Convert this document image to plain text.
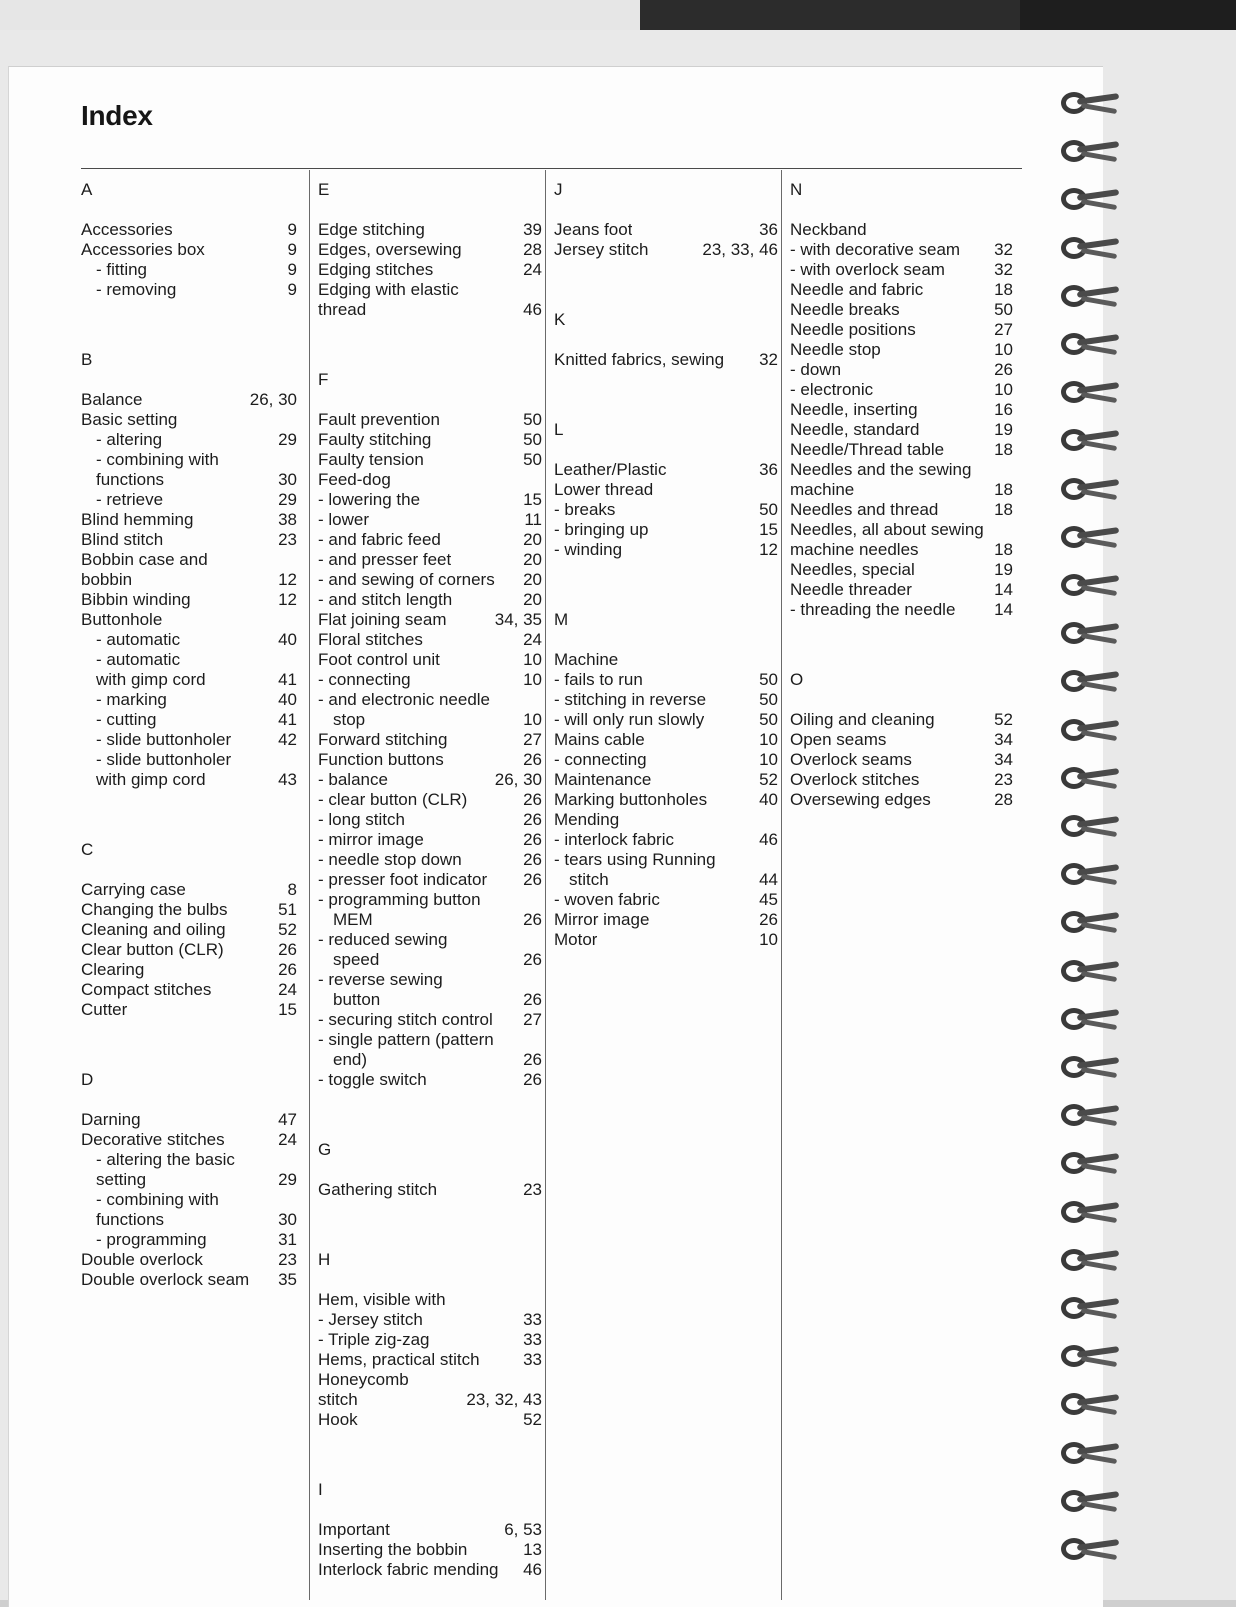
Index
A
Accessories	9
Accessories box	9
- fitting	9
- removing	9
B
Balance	26, 30
Basic setting
- altering	29
- combining with
functions	30
- retrieve	29
Blind hemming	38
Blind stitch	23
Bobbin case and
bobbin	12
Bibbin winding	12
Buttonhole
- automatic	40
- automatic
with gimp cord	41
- marking	40
- cutting	41
- slide buttonholer	42
- slide buttonholer
with gimp cord	43
C
Carrying case	8
Changing the bulbs	51
Cleaning and oiling	52
Clear button (CLR)	26
Clearing	26
Compact stitches	24
Cutter	15
D
Darning	47
Decorative stitches	24
- altering the basic
setting	29
- combining with
functions	30
- programming	31
Double overlock	23
Double overlock seam 35
E
Edge stitching	39
Edges, oversewing	28
Edging stitches	24
Edging with elastic
thread	46
F
Fault prevention	50
Faulty stitching	50
Faulty tension	50
Feed-dog
- lowering the	15
- lower	11
- and fabric feed	20
- and presser feet	20
- and sewing of corners 20
- and stitch length	20
Flat joining seam	34, 35
Floral stitches	24
Foot control unit	10
- connecting	10
- and electronic needle
stop	10
Forward stitching	27
Function buttons	26
- balance	26, 30
- clear button (CLR)	26
- long stitch	26
- mirror image	26
- needle stop down	26
- presser foot indicator 26
- programming button
MEM	26
- reduced sewing
speed	26
- reverse sewing
button	26
- securing stitch control 27
- single pattern (pattern
end)	26
- toggle switch	26
G
Gathering stitch	23
H
Hem, visible with
- Jersey stitch	33
- Triple zig-zag	33
Hems, practical stitch	33
Honeycomb
stitch	23, 32, 43
Hook	52
I
Important	6, 53
Inserting the bobbin	13
Interlock fabric mending 46
J
Jeans foot	36
Jersey stitch	23, 33, 46
K
Knitted fabrics, sewing 32
L
Leather/Plastic	36
Lower thread
- breaks	50
- bringing up	15
- winding	12
M
Machine
- fails to run	50
- stitching in reverse	50
- will only run slowly	50
Mains cable	10
- connecting	10
Maintenance	52
Marking buttonholes	40
Mending
- interlock fabric	46
- tears using Running
stitch	44
- woven fabric	45
Mirror image	26
Motor	10
N
Neckband
- with decorative seam 32
- with overlock seam	32
Needle and fabric	18
Needle breaks	50
Needle positions	27
Needle stop	10
- down	26
- electronic	10
Needle, inserting	16
Needle, standard	19
Needle/Thread table	18
Needles and the sewing
machine	18
Needles and thread	18
Needles, all about sewing
machine needles	18
Needles, special	19
Needle threader	14
- threading the needle 14
O
Oiling and cleaning	52
Open seams	34
Overlock seams	34
Overlock stitches	23
Oversewing edges	28
